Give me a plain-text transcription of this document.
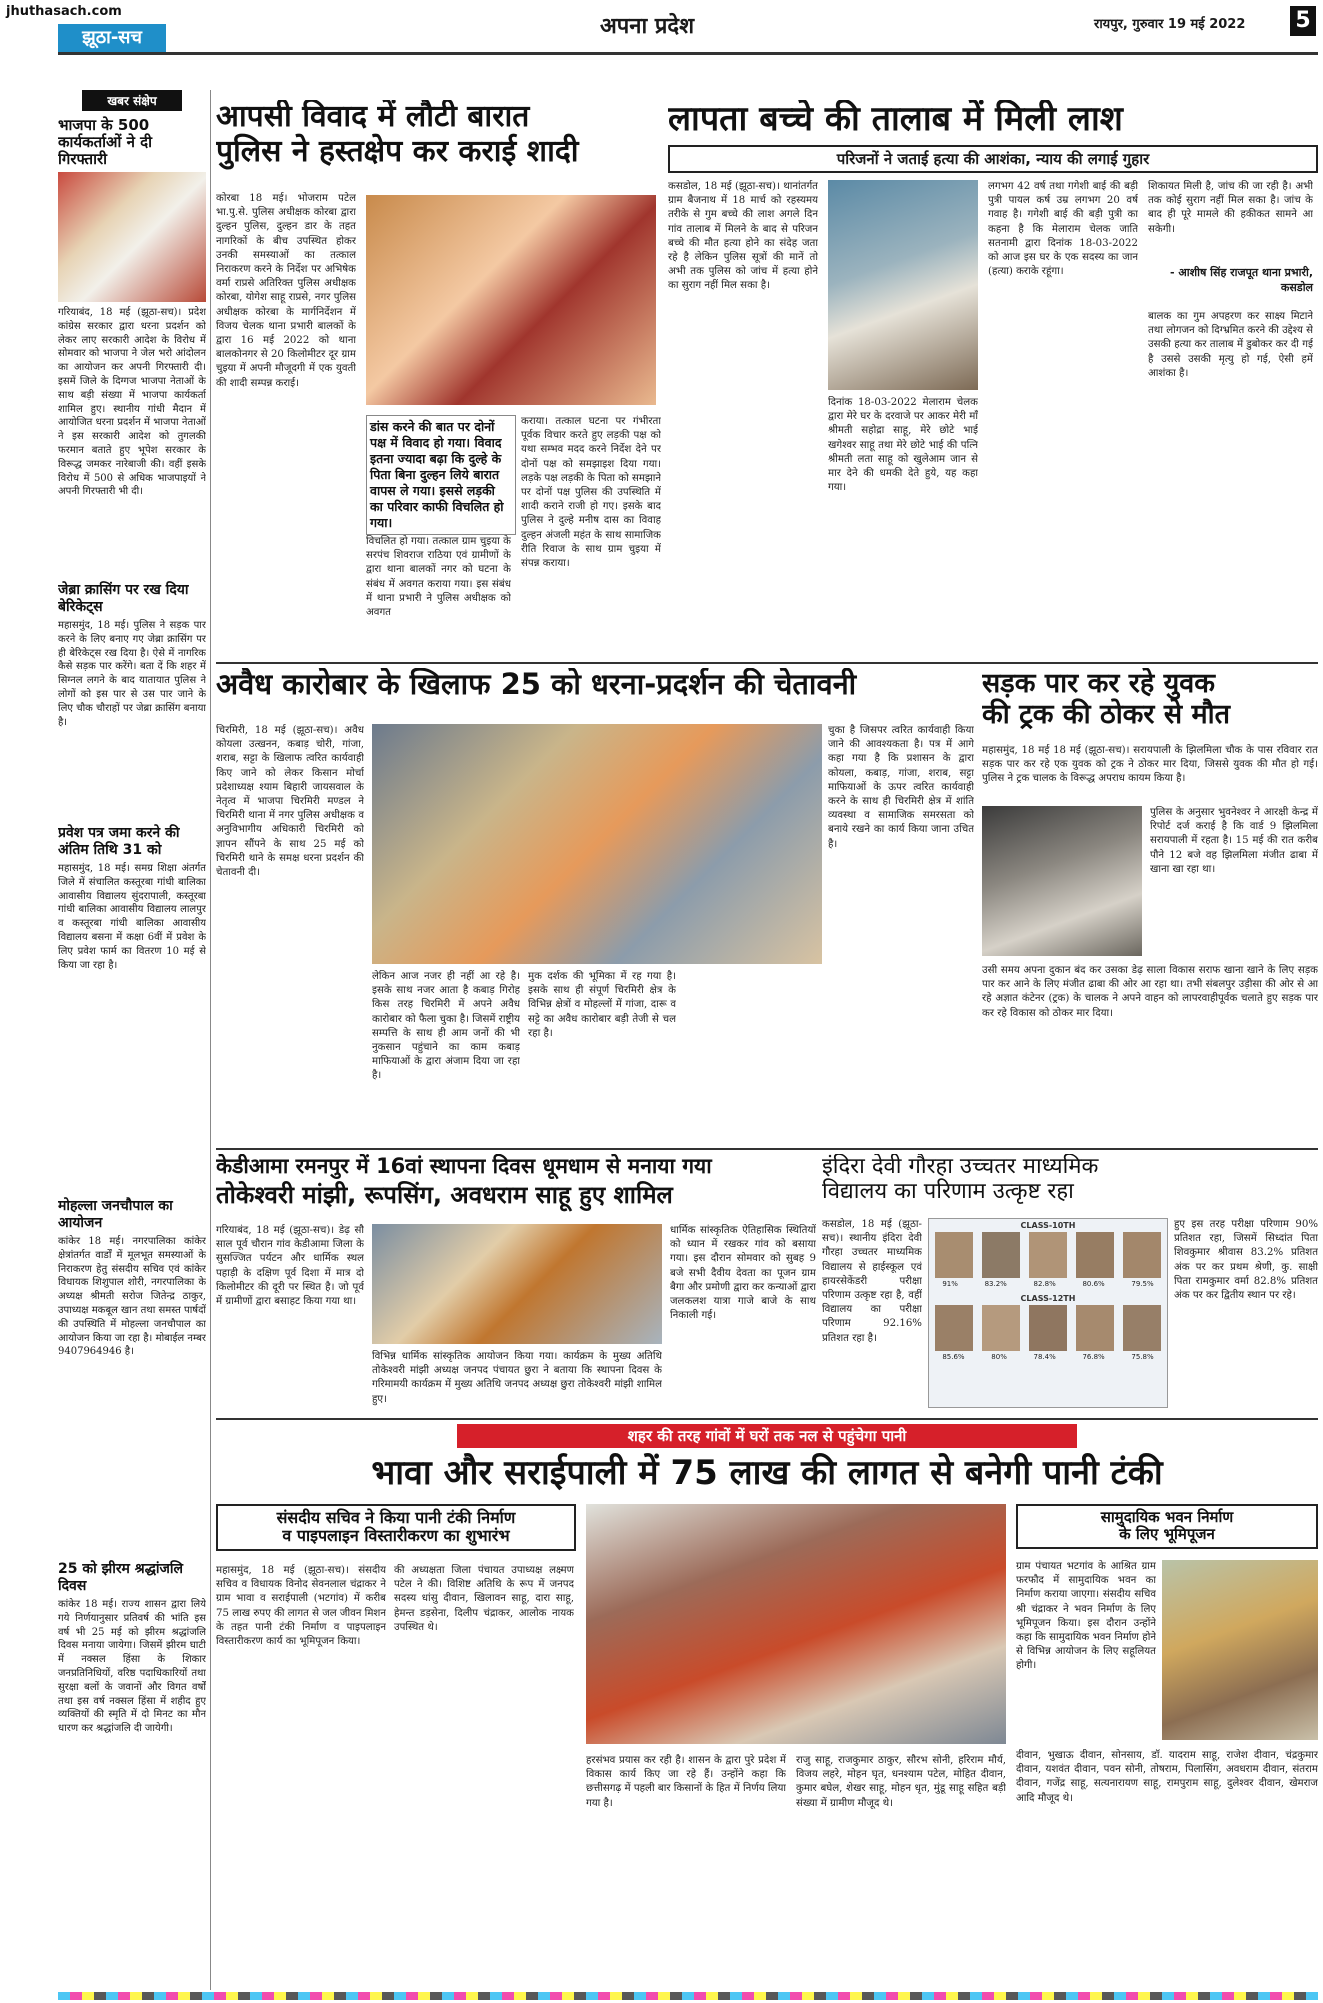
jhuthasach.com
झूठा-सच	अपना प्रदेश	रायपुर, गुरुवार 19 मई 2022 5
खबर संक्षेप
भाजपा के 500 कार्यकर्ताओं ने दी गिरफ्तारी
गरियाबंद, 18 मई (झूठा-सच)। प्रदेश कांग्रेस सरकार द्वारा धरना प्रदर्शन को लेकर लाए सरकारी आदेश के विरोध में सोमवार को भाजपा ने जेल भरो आंदोलन का आयोजन कर अपनी गिरफ्तारी दी। इसमें जिले के दिग्गज भाजपा नेताओं के साथ बड़ी संख्या में भाजपा कार्यकर्ता शामिल हुए। स्थानीय गांधी मैदान में आयोजित धरना प्रदर्शन में भाजपा नेताओं ने इस सरकारी आदेश को तुगलकी फरमान बताते हुए भूपेश सरकार के विरूद्ध जमकर नारेबाजी की। वहीं इसके विरोध में 500 से अधिक भाजपाइयों ने अपनी गिरफ्तारी भी दी।
जेब्रा क्रासिंग पर रख दिया बेरिकेट्स
महासमुंद, 18 मई। पुलिस ने सड़क पार करने के लिए बनाए गए जेब्रा क्रासिंग पर ही बेरिकेट्स रख दिया है। ऐसे में नागरिक कैसे सड़क पार करेंगे। बता दें कि शहर में सिग्नल लगने के बाद यातायात पुलिस ने लोगों को इस पार से उस पार जाने के लिए चौक चौराहों पर जेब्रा क्रासिंग बनाया है।
प्रवेश पत्र जमा करने की अंतिम तिथि 31 को
महासमुंद, 18 मई। समग्र शिक्षा अंतर्गत जिले में संचालित कस्तूरबा गांधी बालिका आवासीय विद्यालय सुंदरापाली, कस्तूरबा गांधी बालिका आवासीय विद्यालय लालपुर व कस्तूरबा गांधी बालिका आवासीय विद्यालय बसना में कक्षा 6वीं में प्रवेश के लिए प्रवेश फार्म का वितरण 10 मई से किया जा रहा है।
मोहल्ला जनचौपाल का आयोजन
कांकेर 18 मई। नगरपालिका कांकेर क्षेत्रांतर्गत वार्डों में मूलभूत समस्याओं के निराकरण हेतु संसदीय सचिव एवं कांकेर विधायक शिशुपाल शोरी, नगरपालिका के अध्यक्ष श्रीमती सरोज जितेन्द्र ठाकुर, उपाध्यक्ष मकबूल खान तथा समस्त पार्षदों की उपस्थिति में मोहल्ला जनचौपाल का आयोजन किया जा रहा है। मोबाईल नम्बर 9407964946 है।
25 को झीरम श्रद्धांजलि दिवस
कांकेर 18 मई। राज्य शासन द्वारा लिये गये निर्णयानुसार प्रतिवर्ष की भांति इस वर्ष भी 25 मई को झीरम श्रद्धांजलि दिवस मनाया जायेगा। जिसमें झीरम घाटी में नक्सल हिंसा के शिकार जनप्रतिनिधियों, वरिष्ठ पदाधिकारियों तथा सुरक्षा बलों के जवानों और विगत वर्षों तथा इस वर्ष नक्सल हिंसा में शहीद हुए व्यक्तियों की स्मृति में दो मिनट का मौन धारण कर श्रद्धांजलि दी जायेगी।
आपसी विवाद में लौटी बारात
पुलिस ने हस्तक्षेप कर कराई शादी
कोरबा 18 मई। भोजराम पटेल भा.पु.से. पुलिस अधीक्षक कोरबा द्वारा दुल्हन पुलिस, दुल्हन डार के तहत नागरिकों के बीच उपस्थित होकर उनकी समस्याओं का तत्काल निराकरण करने के निर्देश पर अभिषेक वर्मा राप्रसे अतिरिक्त पुलिस अधीक्षक कोरबा, योगेश साहू राप्रसे, नगर पुलिस अधीक्षक कोरबा के मार्गनिर्देशन में विजय चेलक थाना प्रभारी बालकों के द्वारा 16 मई 2022 को थाना बालकोनगर से 20 किलोमीटर दूर ग्राम चुइया में अपनी मौजूदगी में एक युवती की शादी सम्पन्न कराई।
डांस करने की बात पर दोनों पक्ष में विवाद हो गया। विवाद इतना ज्यादा बढ़ा कि दुल्हे के पिता बिना दुल्हन लिये बारात वापस ले गया। इससे लड़की का परिवार काफी विचलित हो गया।
विचलित हो गया। तत्काल ग्राम चुइया के सरपंच शिवराज राठिया एवं ग्रामीणों के द्वारा थाना बालकों नगर को घटना के संबंध में अवगत कराया गया। इस संबंध में थाना प्रभारी ने पुलिस अधीक्षक को अवगत
कराया। तत्काल घटना पर गंभीरता पूर्वक विचार करते हुए लड़की पक्ष को यथा सम्भव मदद करने निर्देश देने पर दोनों पक्ष को समझाइश दिया गया। लड़के पक्ष लड़की के पिता को समझाने पर दोनों पक्ष पुलिस की उपस्थिति में शादी कराने राजी हो गए। इसके बाद पुलिस ने दुल्हे मनीष दास का विवाह दुल्हन अंजली महंत के साथ सामाजिक रीति रिवाज के साथ ग्राम चुइया में संपन्न कराया।
लापता बच्चे की तालाब में मिली लाश
परिजनों ने जताई हत्या की आशंका, न्याय की लगाई गुहार
कसडोल, 18 मई (झूठा-सच)। थानांतर्गत ग्राम बैजनाथ में 18 मार्च को रहस्यमय तरीके से गुम बच्चे की लाश अगले दिन गांव तालाब में मिलने के बाद से परिजन बच्चे की मौत हत्या होने का संदेह जता रहे है लेकिन पुलिस सूत्रों की मानें तो अभी तक पुलिस को जांच में हत्या होने का सुराग नहीं मिल सका है।
दिनांक 18-03-2022 मेलाराम चेलक द्वारा मेरे घर के दरवाजे पर आकर मेरी माँ श्रीमती सहोद्रा साहू, मेरे छोटे भाई खगेश्वर साहू तथा मेरे छोटे भाई की पत्नि श्रीमती लता साहू को खुलेआम जान से मार देने की धमकी देते हुये, यह कहा गया।
लगभग 42 वर्ष तथा गगेशी बाई की बड़ी पुत्री पायल कर्ष उम्र लगभग 20 वर्ष गवाह है। गगेशी बाई की बड़ी पुत्री का कहना है कि मेलाराम चेलक जाति सतनामी द्वारा दिनांक 18-03-2022 को आज इस घर के एक सदस्य का जान (हत्या) कराके रहूंगा।
शिकायत मिली है, जांच की जा रही है। अभी तक कोई सुराग नहीं मिल सका है। जांच के बाद ही पूरे मामले की हकीकत सामने आ सकेगी।
- आशीष सिंह राजपूत थाना प्रभारी, कसडोल
बालक का गुम अपहरण कर साक्ष्य मिटाने तथा लोगजन को दिग्भ्रमित करने की उद्देश्य से उसकी हत्या कर तालाब में डुबोकर कर दी गई है उससे उसकी मृत्यु हो गई, ऐसी हमें आशंका है।
अवैध कारोबार के खिलाफ 25 को धरना-प्रदर्शन की चेतावनी
चिरमिरी, 18 मई (झूठा-सच)। अवैध कोयला उत्खनन, कबाड़ चोरी, गांजा, शराब, सट्टा के खिलाफ त्वरित कार्यवाही किए जाने को लेकर किसान मोर्चा प्रदेशाध्यक्ष श्याम बिहारी जायसवाल के नेतृत्व में भाजपा चिरमिरी मण्डल ने चिरमिरी थाना में नगर पुलिस अधीक्षक व अनुविभागीय अधिकारी चिरमिरी को ज्ञापन सौंपने के साथ 25 मई को चिरमिरी थाने के समक्ष धरना प्रदर्शन की चेतावनी दी।
लेकिन आज नजर ही नहीं आ रहे है। इसके साथ नजर आता है कबाड़ गिरोह किस तरह चिरमिरी में अपने अवैध कारोबार को फैला चुका है। जिसमें राष्ट्रीय सम्पत्ति के साथ ही आम जनों की भी नुकसान पहुंचाने का काम कबाड़ माफियाओं के द्वारा अंजाम दिया जा रहा है।
मुक दर्शक की भूमिका में रह गया है। इसके साथ ही संपूर्ण चिरमिरी क्षेत्र के विभिन्न क्षेत्रों व मोहल्लों में गांजा, दारू व सट्टे का अवैध कारोबार बड़ी तेजी से चल रहा है।
चुका है जिसपर त्वरित कार्यवाही किया जाने की आवश्यकता है। पत्र में आगे कहा गया है कि प्रशासन के द्वारा कोयला, कबाड़, गांजा, शराब, सट्टा माफियाओं के ऊपर त्वरित कार्यवाही करने के साथ ही चिरमिरी क्षेत्र में शांति व्यवस्था व सामाजिक समरसता को बनाये रखने का कार्य किया जाना उचित है।
सड़क पार कर रहे युवक
की ट्रक की ठोकर से मौत
महासमुंद, 18 मई 18 मई (झूठा-सच)। सरायपाली के झिलमिला चौक के पास रविवार रात सड़क पार कर रहे एक युवक को ट्रक ने ठोकर मार दिया, जिससे युवक की मौत हो गई। पुलिस ने ट्रक चालक के विरूद्ध अपराध कायम किया है।
पुलिस के अनुसार भुवनेश्वर ने आरक्षी केन्द्र में रिपोर्ट दर्ज कराई है कि वार्ड 9 झिलमिला सरायपाली में रहता है। 15 मई की रात करीब पौने 12 बजे वह झिलमिला मंजीत ढाबा में खाना खा रहा था।
उसी समय अपना दुकान बंद कर उसका डेढ़ साला विकास सराफ खाना खाने के लिए सड़क पार कर आने के लिए मंजीत ढाबा की ओर आ रहा था। तभी संबलपुर उड़ीसा की ओर से आ रहे अज्ञात कंटेनर (ट्रक) के चालक ने अपने वाहन को लापरवाहीपूर्वक चलाते हुए सड़क पार कर रहे विकास को ठोकर मार दिया।
केडीआमा रमनपुर में 16वां स्थापना दिवस धूमधाम से मनाया गया
तोकेश्वरी मांझी, रूपसिंग, अवधराम साहू हुए शामिल
गरियाबंद, 18 मई (झूठा-सच)। डेढ़ सौ साल पूर्व चौरान गांव केडीआमा जिला के सुसज्जित पर्यटन और धार्मिक स्थल पहाड़ी के दक्षिण पूर्व दिशा में मात्र दो किलोमीटर की दूरी पर स्थित है। जो पूर्व में ग्रामीणों द्वारा बसाहट किया गया था।
विभिन्न धार्मिक सांस्कृतिक आयोजन किया गया। कार्यक्रम के मुख्य अतिथि तोकेश्वरी मांझी अध्यक्ष जनपद पंचायत छुरा ने बताया कि स्थापना दिवस के गरिमामयी कार्यक्रम में मुख्य अतिथि जनपद अध्यक्ष छुरा तोकेश्वरी मांझी शामिल हुए।
धार्मिक सांस्कृतिक ऐतिहासिक स्थितियों को ध्यान में रखकर गांव को बसाया गया। इस दौरान सोमवार को सुबह 9 बजे सभी दैवीय देवता का पूजन ग्राम बैगा और प्रमोणी द्वारा कर कन्याओं द्वारा जलकलश यात्रा गाजे बाजे के साथ निकाली गई।
इंदिरा देवी गौरहा उच्चतर माध्यमिक
विद्यालय का परिणाम उत्कृष्ट रहा
कसडोल, 18 मई (झूठा-सच)। स्थानीय इंदिरा देवी गौरहा उच्चतर माध्यमिक विद्यालय से हाईस्कूल एवं हायरसेकेंडरी परीक्षा परिणाम उत्कृष्ट रहा है, वहीं विद्यालय का परीक्षा परिणाम 92.16% प्रतिशत रहा है।
CLASS-10TH
91%	83.2%	82.8%	80.6%	79.5%
CLASS-12TH
85.6%	80%	78.4%	76.8%	75.8%
हुए इस तरह परीक्षा परिणाम 90% प्रतिशत रहा, जिसमें सिध्दांत पिता शिवकुमार श्रीवास 83.2% प्रतिशत अंक पर कर प्रथम श्रेणी, कु. साक्षी पिता रामकुमार वर्मा 82.8% प्रतिशत अंक पर कर द्वितीय स्थान पर रहे।
शहर की तरह गांवों में घरों तक नल से पहुंचेगा पानी
भावा और सराईपाली में 75 लाख की लागत से बनेगी पानी टंकी
संसदीय सचिव ने किया पानी टंकी निर्माण
व पाइपलाइन विस्तारीकरण का शुभारंभ
महासमुंद, 18 मई (झूठा-सच)। संसदीय सचिव व विधायक विनोद सेवनलाल चंद्राकर ने ग्राम भावा व सराईपाली (भटगांव) में करीब 75 लाख रुपए की लागत से जल जीवन मिशन के तहत पानी टंकी निर्माण व पाइपलाइन विस्तारीकरण कार्य का भूमिपूजन किया।
की अध्यक्षता जिला पंचायत उपाध्यक्ष लक्ष्मण पटेल ने की। विशिष्ट अतिथि के रूप में जनपद सदस्य धांसु दीवान, खिलावन साहू, दारा साहू, हेमन्त डड़सेना, दिलीप चंद्राकर, आलोक नायक उपस्थित थे।
हरसंभव प्रयास कर रही है। शासन के द्वारा पुरे प्रदेश में विकास कार्य किए जा रहे हैं। उन्होंने कहा कि छत्तीसगढ़ में पहली बार किसानों के हित में निर्णय लिया गया है।
राजु साहू, राजकुमार ठाकुर, सौरभ सोनी, हरिराम मौर्य, विजय लहरे, मोहन घृत, धनश्याम पटेल, मोहित दीवान, कुमार बघेल, शेखर साहू, मोहन धृत, मुंडू साहू सहित बड़ी संख्या में ग्रामीण मौजूद थे।
सामुदायिक भवन निर्माण
के लिए भूमिपूजन
ग्राम पंचायत भटगांव के आश्रित ग्राम फरफौद में सामुदायिक भवन का निर्माण कराया जाएगा। संसदीय सचिव श्री चंद्राकर ने भवन निर्माण के लिए भूमिपूजन किया। इस दौरान उन्होंने कहा कि सामुदायिक भवन निर्माण होने से विभिन्न आयोजन के लिए सहूलियत होगी।
दीवान, भुखाऊ दीवान, सोनसाय, डॉ. यादराम साहू, राजेश दीवान, चंद्रकुमार दीवान, यशवंत दीवान, पवन सोनी, तोषराम, पिलासिंग, अवधराम दीवान, संतराम दीवान, गजेंद्र साहू, सत्यनारायण साहू, रामपुराम साहू, दुलेश्वर दीवान, खेमराज आदि मौजूद थे।
